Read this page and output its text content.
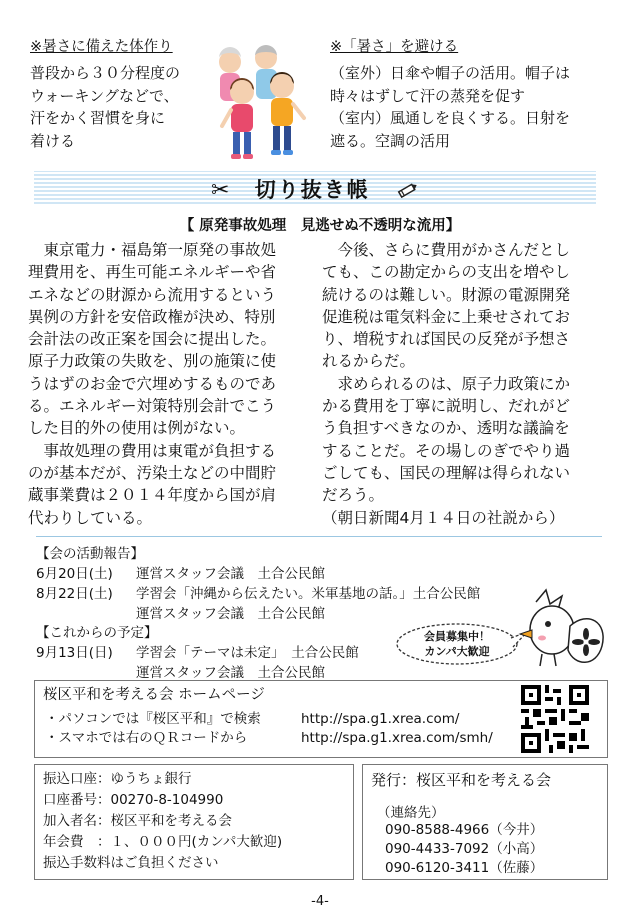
※暑さに備えた体作り
普段から３０分程度の
ウォーキングなどで、
汗をかく習慣を身に
着ける
※「暑さ」を避ける
（室外）日傘や帽子の活用。帽子は
時々はずして汗の蒸発を促す
（室内）風通しを良くする。日射を
遮る。空調の活用
✂ 切り抜き帳
【 原発事故処理　見逃せぬ不透明な流用】
　東京電力・福島第一原発の事故処
理費用を、再生可能エネルギーや省
エネなどの財源から流用するという
異例の方針を安倍政権が決め、特別
会計法の改正案を国会に提出した。
原子力政策の失敗を、別の施策に使
うはずのお金で穴埋めするものであ
る。エネルギー対策特別会計でこう
した目的外の使用は例がない。
　事故処理の費用は東電が負担する
のが基本だが、汚染土などの中間貯
蔵事業費は２０１４年度から国が肩
代わりしている。
　今後、さらに費用がかさんだとし
ても、この勘定からの支出を増やし
続けるのは難しい。財源の電源開発
促進税は電気料金に上乗せされてお
り、増税すれば国民の反発が予想さ
れるからだ。
　求められるのは、原子力政策にか
かる費用を丁寧に説明し、だれがど
う負担すべきなのか、透明な議論を
することだ。その場しのぎでやり過
ごしても、国民の理解は得られない
だろう。
（朝日新聞4月１４日の社説から）
【会の活動報告】
6月20日(土) 運営スタッフ会議　土合公民館
8月22日(土) 学習会「沖縄から伝えたい。米軍基地の話。」土合公民館
運営スタッフ会議　土合公民館
【これからの予定】
9月13日(日) 学習会「テーマは未定」　土合公民館
運営スタッフ会議　土合公民館
会員募集中！
カンパ大歓迎
桜区平和を考える会 ホームページ
・パソコンでは『桜区平和』で検索	http://spa.g1.xrea.com/
・スマホでは右のＱＲコードから	http://spa.g1.xrea.com/smh/
振込口座：ゆうちょ銀行
口座番号：00270-8-104990
加入者名：桜区平和を考える会
年会費　：１、０００円(カンパ大歓迎)
振込手数料はご負担ください
発行：桜区平和を考える会
（連絡先）
090-8588-4966（今井）
090-4433-7092（小高）
090-6120-3411（佐藤）
-4-
